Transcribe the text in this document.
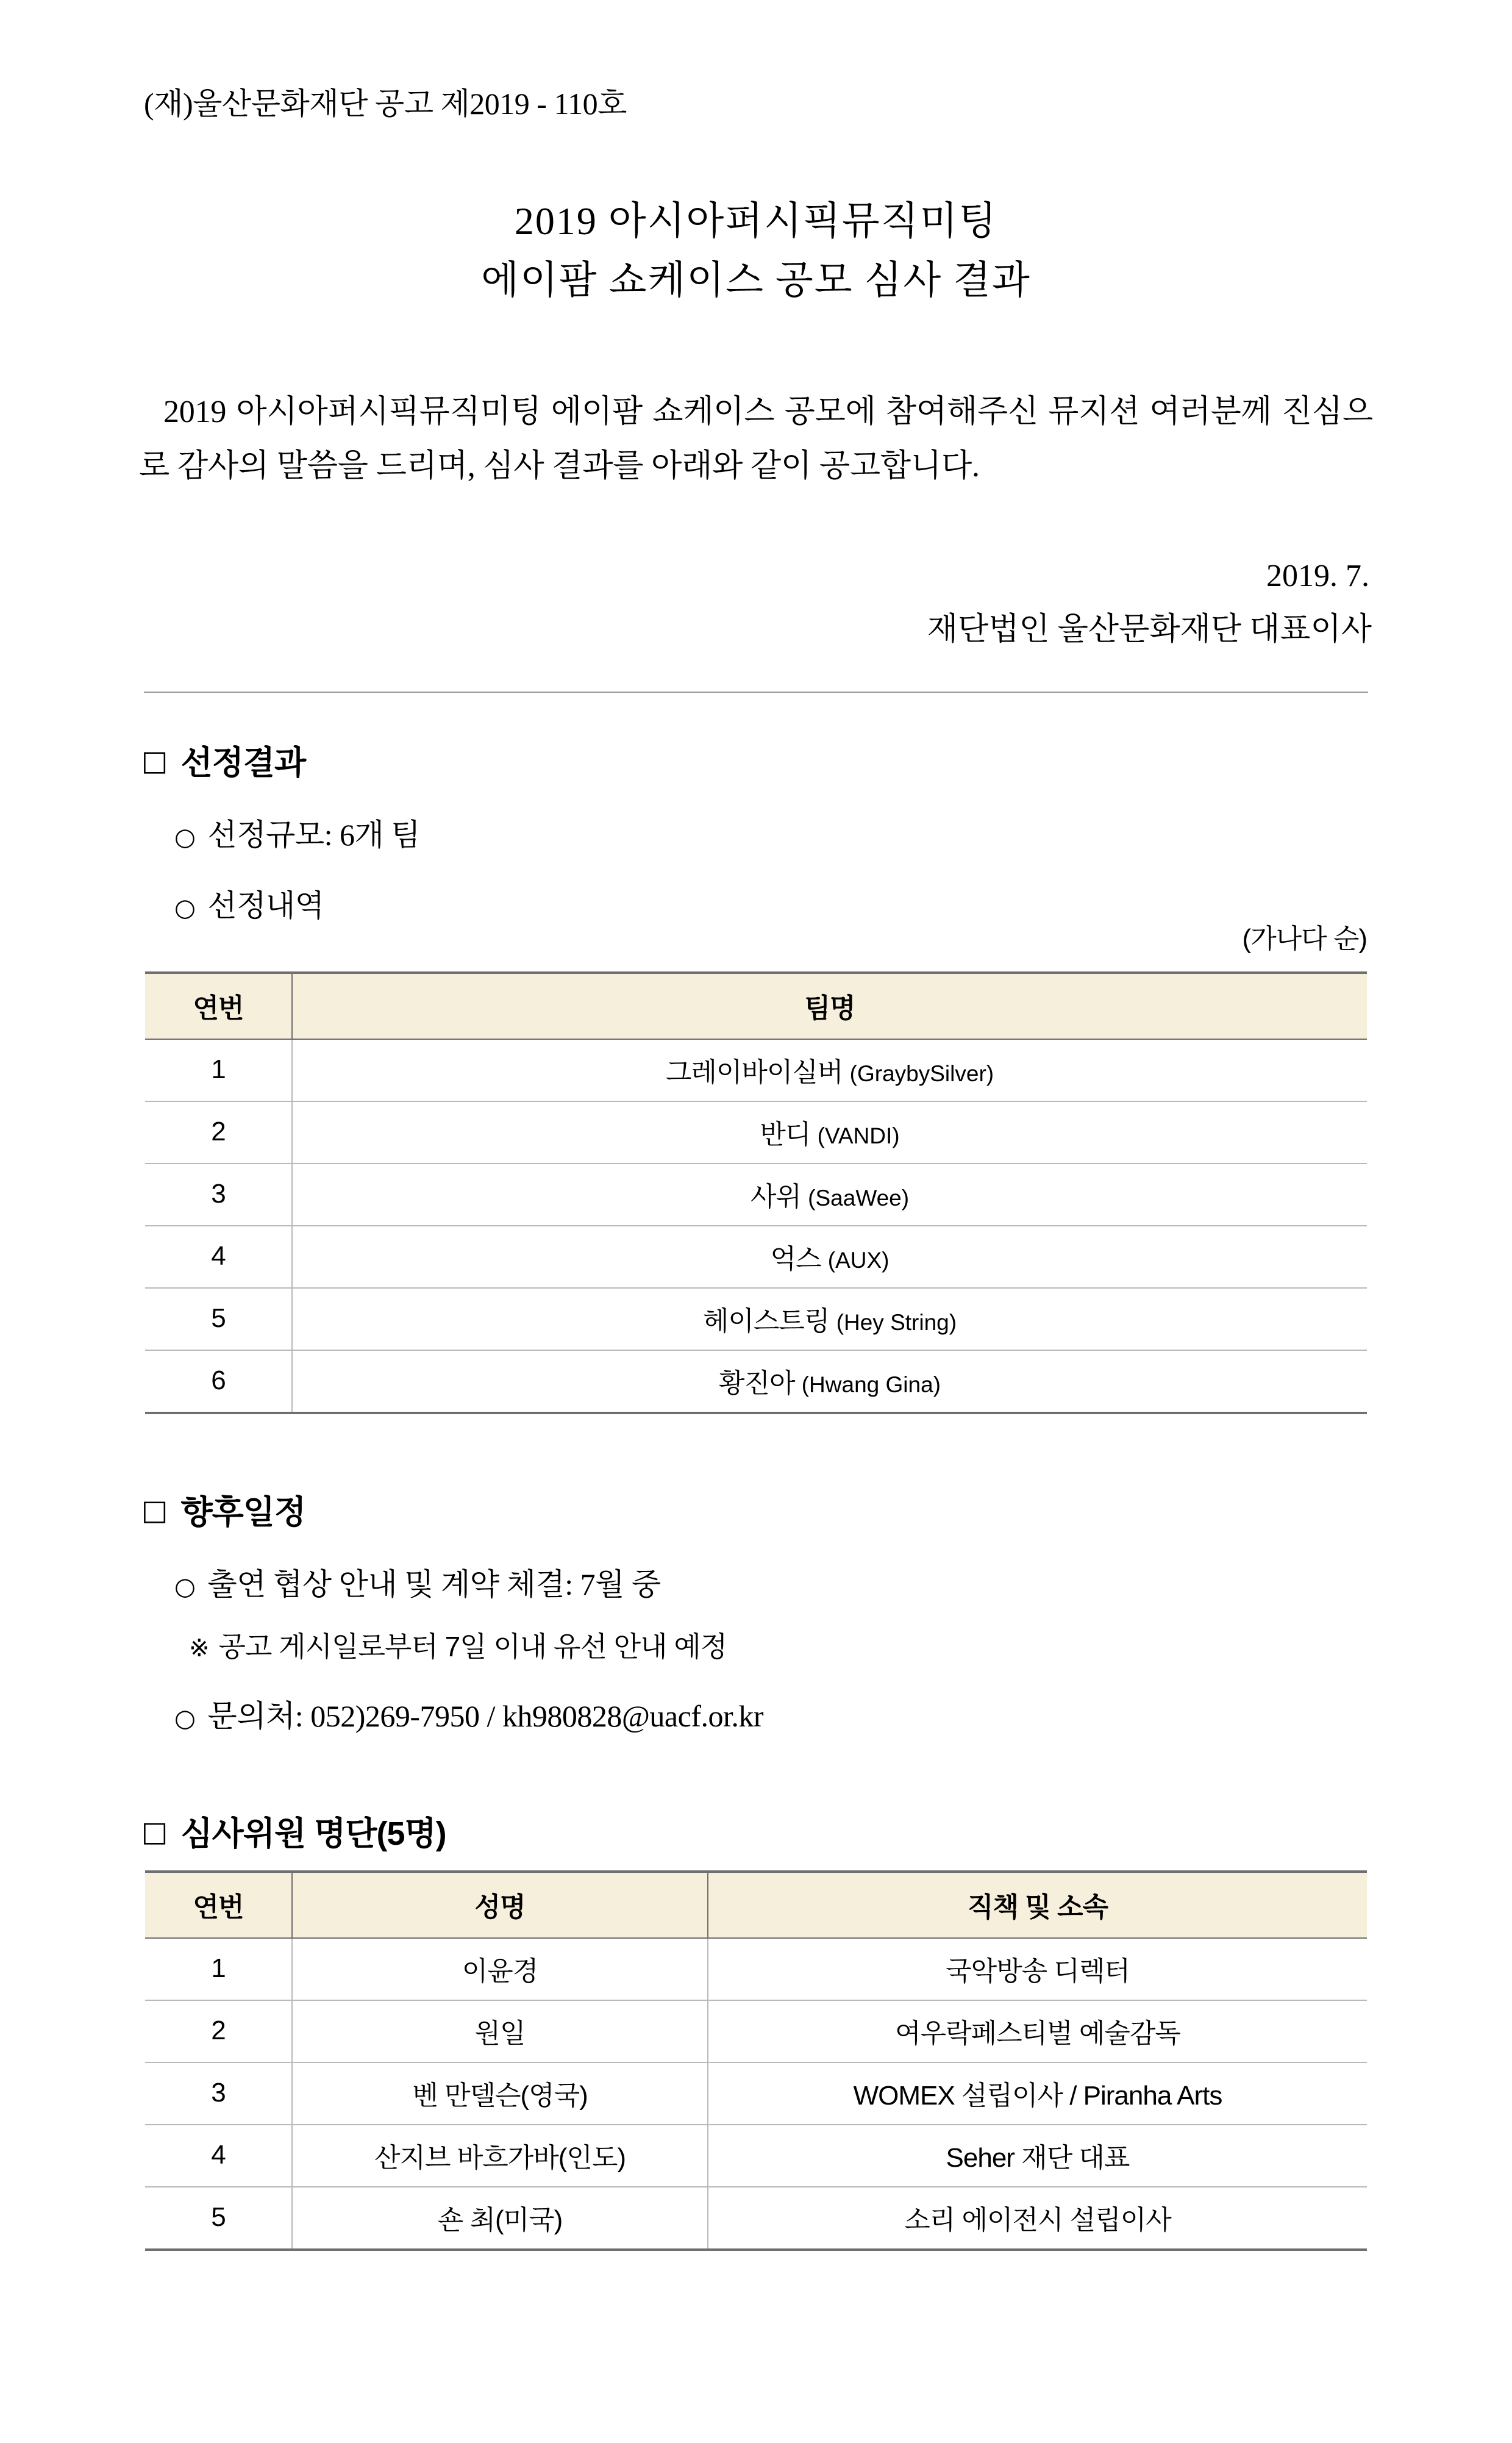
(재)울산문화재단 공고 제2019 - 110호
2019 아시아퍼시픽뮤직미팅
에이팜 쇼케이스 공모 심사 결과

2019 아시아퍼시픽뮤직미팅 에이팜 쇼케이스 공모에 참여해주신 뮤지션 여러분께 진심으로 감사의 말씀을 드리며, 심사 결과를 아래와 같이 공고합니다.

2019. 7.
재단법인 울산문화재단 대표이사
□ 선정결과
○ 선정규모: 6개 팀
○ 선정내역
(가나다 순)
연번	팀명
1	그레이바이실버 (GraybySilver)
2	반디 (VANDI)
3	사위 (SaaWee)
4	억스 (AUX)
5	헤이스트링 (Hey String)
6	황진아 (Hwang Gina)
□ 향후일정
○ 출연 협상 안내 및 계약 체결: 7월 중
※ 공고 게시일로부터 7일 이내 유선 안내 예정
○ 문의처: 052)269-7950 / kh980828@uacf.or.kr
□ 심사위원 명단(5명)
연번	성명	직책 및 소속
1	이윤경	국악방송 디렉터
2	원일	여우락페스티벌 예술감독
3	벤 만델슨(영국)	WOMEX 설립이사 / Piranha Arts
4	산지브 바흐가바(인도)	Seher 재단 대표
5	숀 최(미국)	소리 에이전시 설립이사
